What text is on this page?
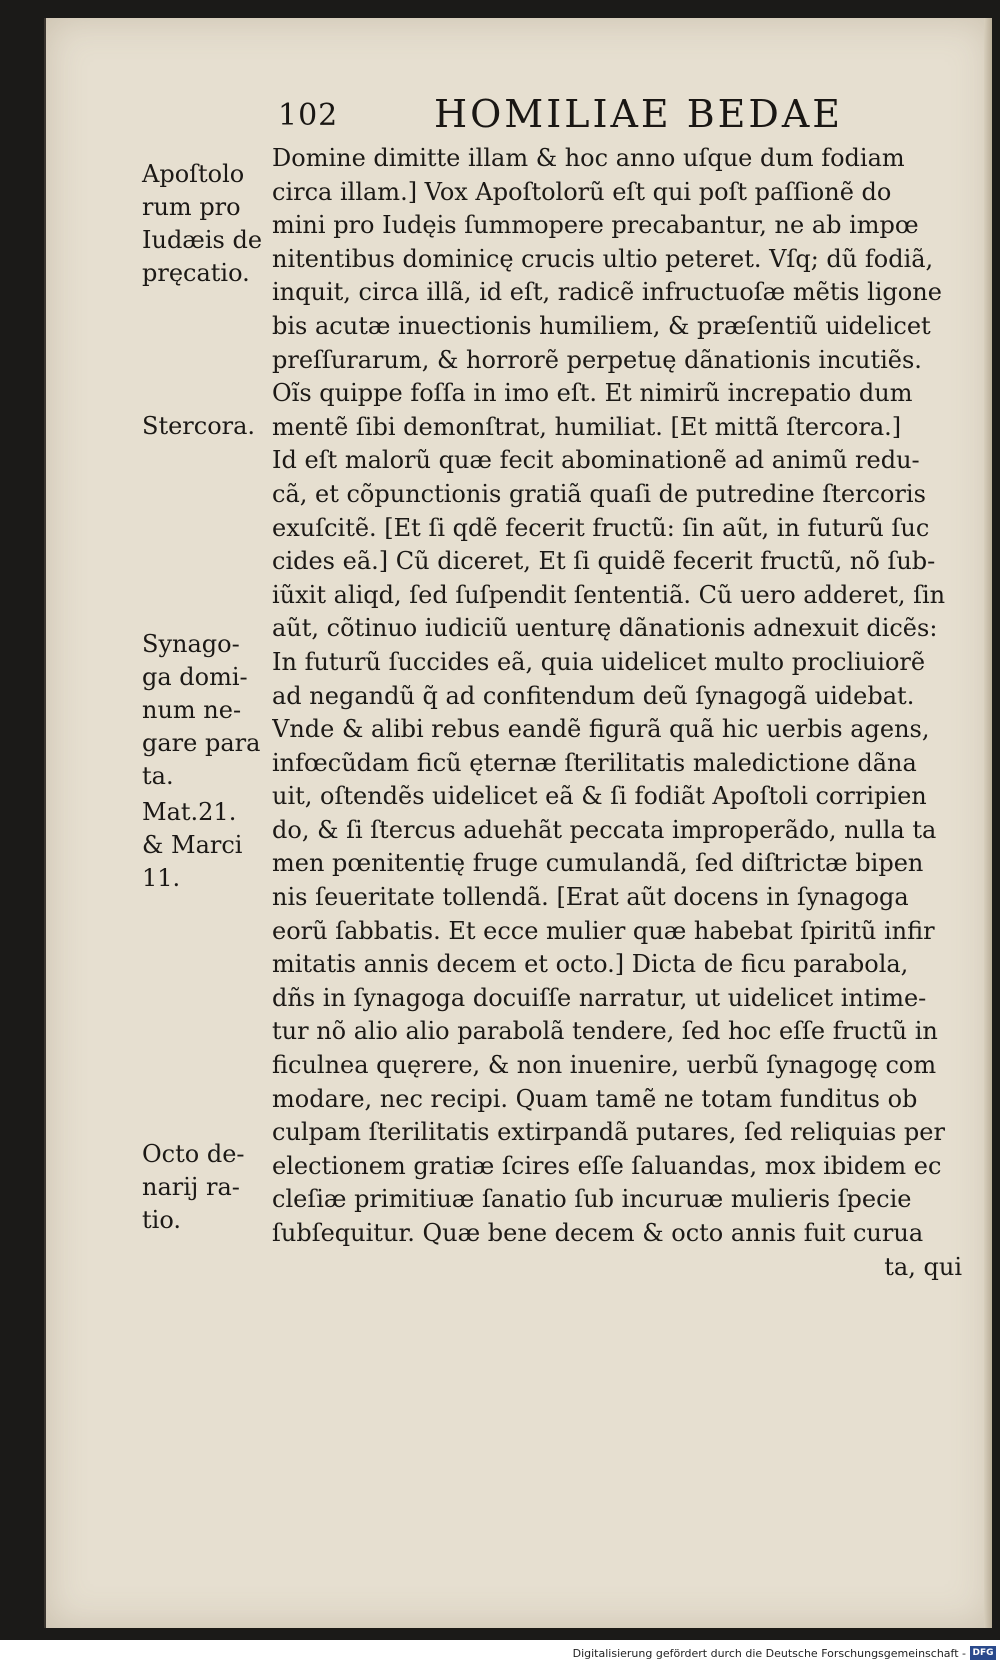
102	HOMILIAE BEDAE
Apoſtolo
rum pro
Iudæis de
pręcatio.
Stercora.
Synago-
ga domi-
num ne-
gare para
ta.
Mat.21.
& Marci
11.
Octo de-
narij ra-
tio.
Domine dimitte illam & hoc anno uſque dum fodiam
circa illam.] Vox Apoſtolorũ eſt qui poſt paſſionẽ do
mini pro Iudęis ſummopere precabantur, ne ab impœ
nitentibus dominicę crucis ultio peteret. Vſq; dũ fodiã,
inquit, circa illã, id eſt, radicẽ infructuoſæ mẽtis ligone
bis acutæ inuectionis humiliem, & præſentiũ uidelicet
preſſurarum, & horrorẽ perpetuę dãnationis incutiẽs.
Oĩs quippe foſſa in imo eſt. Et nimirũ increpatio dum
mentẽ ſibi demonſtrat, humiliat. [Et mittã ſtercora.]
Id eſt malorũ quæ fecit abominationẽ ad animũ redu-
cã, et cõpunctionis gratiã quaſi de putredine ſtercoris
exuſcitẽ. [Et ſi qdẽ fecerit fructũ: ſin aũt, in futurũ ſuc
cides eã.] Cũ diceret, Et ſi quidẽ fecerit fructũ, nõ ſub-
iũxit aliqd, ſed ſuſpendit ſententiã. Cũ uero adderet, ſin
aũt, cõtinuo iudiciũ uenturę dãnationis adnexuit dicẽs:
In futurũ ſuccides eã, quia uidelicet multo procliuiorẽ
ad negandũ q̃ ad confitendum deũ ſynagogã uidebat.
Vnde & alibi rebus eandẽ figurã quã hic uerbis agens,
infœcũdam ficũ ęternæ ſterilitatis maledictione dãna
uit, oſtendẽs uidelicet eã & ſi fodiãt Apoſtoli corripien
do, & ſi ſtercus aduehãt peccata improperãdo, nulla ta
men pœnitentię fruge cumulandã, ſed diſtrictæ bipen
nis ſeueritate tollendã. [Erat aũt docens in ſynagoga
eorũ ſabbatis. Et ecce mulier quæ habebat ſpiritũ infir
mitatis annis decem et octo.] Dicta de ficu parabola,
dñs in ſynagoga docuiſſe narratur, ut uidelicet intime-
tur nõ alio alio parabolã tendere, ſed hoc eſſe fructũ in
ficulnea quęrere, & non inuenire, uerbũ ſynagogę com
modare, nec recipi. Quam tamẽ ne totam funditus ob
culpam ſterilitatis extirpandã putares, ſed reliquias per
electionem gratiæ ſcires eſſe ſaluandas, mox ibidem ec
cleſiæ primitiuæ ſanatio ſub incuruæ mulieris ſpecie
ſubſequitur. Quæ bene decem & octo annis fuit curua
ta, qui
Digitalisierung gefördert durch die Deutsche Forschungsgemeinschaft - DFG
